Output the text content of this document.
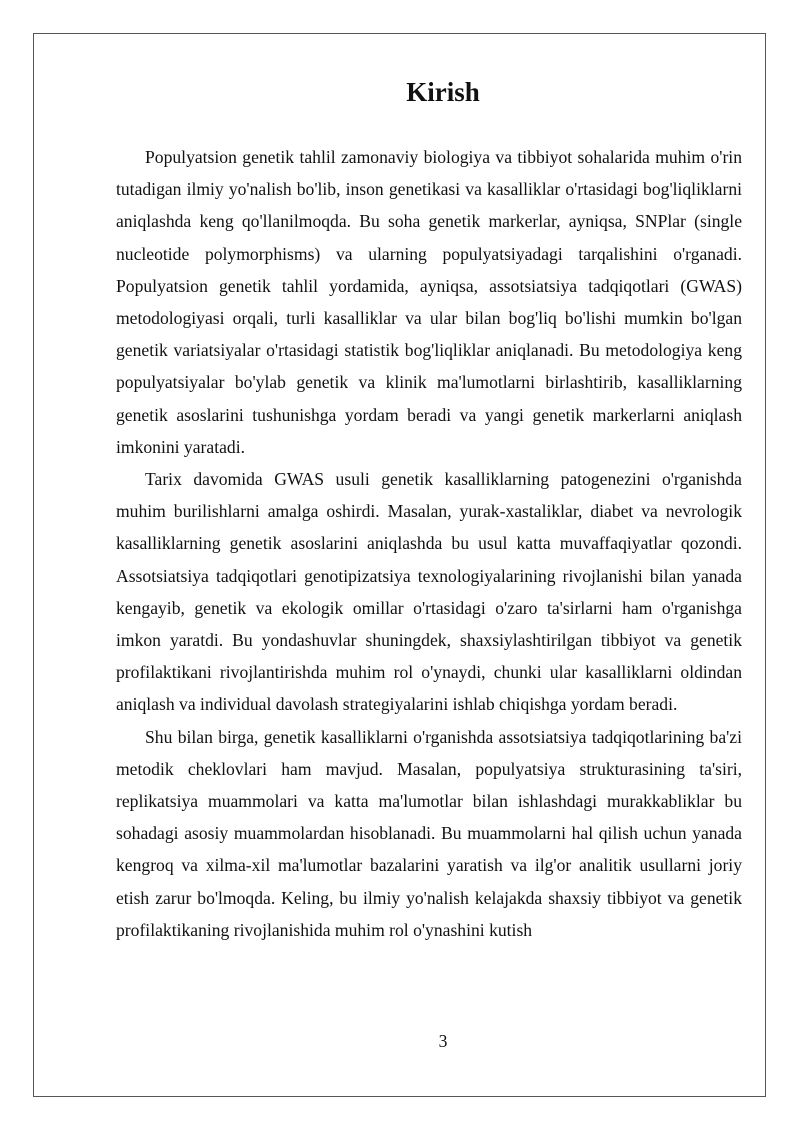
Kirish

Populyatsion genetik tahlil zamonaviy biologiya va tibbiyot sohalarida muhim o'rin tutadigan ilmiy yo'nalish bo'lib, inson genetikasi va kasalliklar o'rtasidagi bog'liqliklarni aniqlashda keng qo'llanilmoqda. Bu soha genetik markerlar, ayniqsa, SNPlar (single nucleotide polymorphisms) va ularning populyatsiyadagi tarqalishini o'rganadi. Populyatsion genetik tahlil yordamida, ayniqsa, assotsiatsiya tadqiqotlari (GWAS) metodologiyasi orqali, turli kasalliklar va ular bilan bog'liq bo'lishi mumkin bo'lgan genetik variatsiyalar o'rtasidagi statistik bog'liqliklar aniqlanadi. Bu metodologiya keng populyatsiyalar bo'ylab genetik va klinik ma'lumotlarni birlashtirib, kasalliklarning genetik asoslarini tushunishga yordam beradi va yangi genetik markerlarni aniqlash imkonini yaratadi.

Tarix davomida GWAS usuli genetik kasalliklarning patogenezini o'rganishda muhim burilishlarni amalga oshirdi. Masalan, yurak-xastaliklar, diabet va nevrologik kasalliklarning genetik asoslarini aniqlashda bu usul katta muvaffaqiyatlar qozondi. Assotsiatsiya tadqiqotlari genotipizatsiya texnologiyalarining rivojlanishi bilan yanada kengayib, genetik va ekologik omillar o'rtasidagi o'zaro ta'sirlarni ham o'rganishga imkon yaratdi. Bu yondashuvlar shuningdek, shaxsiylashtirilgan tibbiyot va genetik profilaktikani rivojlantirishda muhim rol o'ynaydi, chunki ular kasalliklarni oldindan aniqlash va individual davolash strategiyalarini ishlab chiqishga yordam beradi.

Shu bilan birga, genetik kasalliklarni o'rganishda assotsiatsiya tadqiqotlarining ba'zi metodik cheklovlari ham mavjud. Masalan, populyatsiya strukturasining ta'siri, replikatsiya muammolari va katta ma'lumotlar bilan ishlashdagi murakkabliklar bu sohadagi asosiy muammolardan hisoblanadi. Bu muammolarni hal qilish uchun yanada kengroq va xilma-xil ma'lumotlar bazalarini yaratish va ilg'or analitik usullarni joriy etish zarur bo'lmoqda. Keling, bu ilmiy yo'nalish kelajakda shaxsiy tibbiyot va genetik profilaktikaning rivojlanishida muhim rol o'ynashini kutish

3
